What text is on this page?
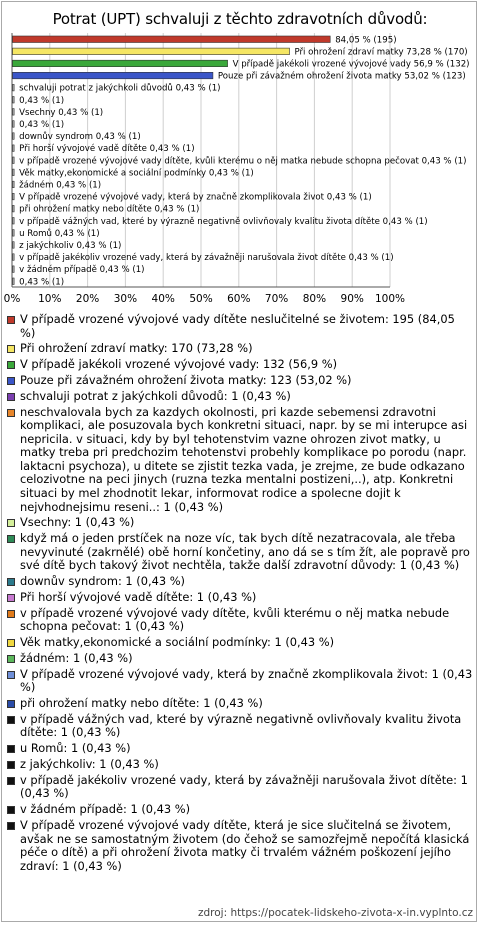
Potrat (UPT) schvaluji z těchto zdravotních důvodů:
0% 10% 20% 30% 40% 50% 60% 70% 80% 90% 100%
84,05 % (195)
Při ohrožení zdraví matky 73,28 % (170)
V případě jakékoli vrozené vývojové vady 56,9 % (132)
Pouze při závažném ohrožení života matky 53,02 % (123)
schvaluji potrat z jakýchkoli důvodů 0,43 % (1)
0,43 % (1)
Vsechny 0,43 % (1)
0,43 % (1)
downův syndrom 0,43 % (1)
Při horší vývojové vadě dítěte 0,43 % (1)
v případě vrozené vývojové vady dítěte, kvůli kterému o něj matka nebude schopna pečovat 0,43 % (1)
Věk matky,ekonomické a sociální podmínky 0,43 % (1)
žádném 0,43 % (1)
V případě vrozené vývojové vady, která by značně zkomplikovala život 0,43 % (1)
při ohrožení matky nebo dítěte 0,43 % (1)
v případě vážných vad, které by výrazně negativně ovlivňovaly kvalitu života dítěte 0,43 % (1)
u Romů 0,43 % (1)
z jakýchkoliv 0,43 % (1)
v případě jakékoliv vrozené vady, která by závažněji narušovala život dítěte 0,43 % (1)
v žádném případě 0,43 % (1)
0,43 % (1)
V případě vrozené vývojové vady dítěte neslučitelné se životem: 195 (84,05 %)
Při ohrožení zdraví matky: 170 (73,28 %)
V případě jakékoli vrozené vývojové vady: 132 (56,9 %)
Pouze při závažném ohrožení života matky: 123 (53,02 %)
schvaluji potrat z jakýchkoli důvodů: 1 (0,43 %)
neschvalovala bych za kazdych okolnosti, pri kazde sebemensi zdravotni komplikaci, ale posuzovala bych konkretni situaci, napr. by se mi interupce asi nepricila. v situaci, kdy by byl tehotenstvim vazne ohrozen zivot matky, u matky treba pri predchozim tehotenstvi probehly komplikace po porodu (napr. laktacni psychoza), u ditete se zjistit tezka vada, je zrejme, ze bude odkazano celozivotne na peci jinych (ruzna tezka mentalni postizeni,..), atp. Konkretni situaci by mel zhodnotit lekar, informovat rodice a spolecne dojit k nejvhodnejsimu reseni..: 1 (0,43 %)
Vsechny: 1 (0,43 %)
když má o jeden prstíček na noze víc, tak bych dítě nezatracovala, ale třeba nevyvinuté (zakrnělé) obě horní končetiny, ano dá se s tím žít, ale popravě pro své dítě bych takový život nechtěla, takže další zdravotní důvody: 1 (0,43 %)
downův syndrom: 1 (0,43 %)
Při horší vývojové vadě dítěte: 1 (0,43 %)
v případě vrozené vývojové vady dítěte, kvůli kterému o něj matka nebude schopna pečovat: 1 (0,43 %)
Věk matky,ekonomické a sociální podmínky: 1 (0,43 %)
žádném: 1 (0,43 %)
V případě vrozené vývojové vady, která by značně zkomplikovala život: 1 (0,43 %)
při ohrožení matky nebo dítěte: 1 (0,43 %)
v případě vážných vad, které by výrazně negativně ovlivňovaly kvalitu života dítěte: 1 (0,43 %)
u Romů: 1 (0,43 %)
z jakýchkoliv: 1 (0,43 %)
v případě jakékoliv vrozené vady, která by závažněji narušovala život dítěte: 1 (0,43 %)
v žádném případě: 1 (0,43 %)
V případě vrozené vývojové vady dítěte, která je sice slučitelná se životem, avšak ne se samostatným životem (do čehož se samozřejmě nepočítá klasická péče o dítě) a při ohrožení života matky či trvalém vážném poškození jejího zdraví: 1 (0,43 %)
zdroj: https://pocatek-lidskeho-zivota-x-in.vyplnto.cz
